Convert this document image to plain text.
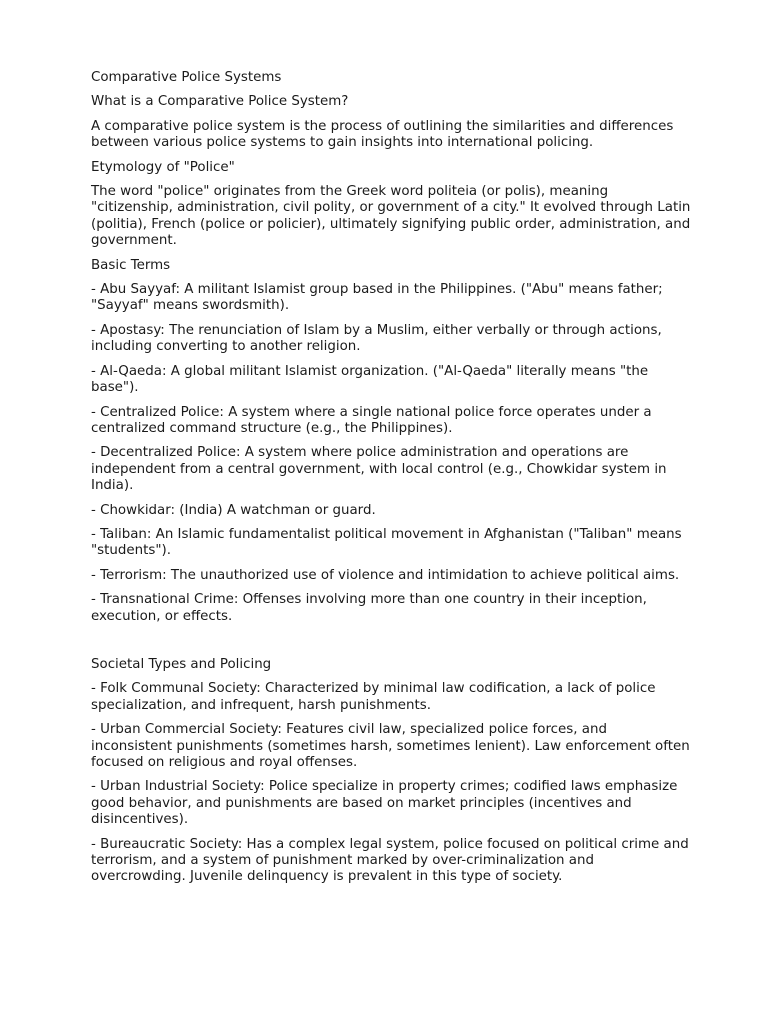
Comparative Police Systems

What is a Comparative Police System?

A comparative police system is the process of outlining the similarities and differences between various police systems to gain insights into international policing.

Etymology of "Police"

The word "police" originates from the Greek word politeia (or polis), meaning "citizenship, administration, civil polity, or government of a city." It evolved through Latin (politia), French (police or policier), ultimately signifying public order, administration, and government.

Basic Terms

- Abu Sayyaf: A militant Islamist group based in the Philippines. ("Abu" means father; "Sayyaf" means swordsmith).

- Apostasy: The renunciation of Islam by a Muslim, either verbally or through actions, including converting to another religion.

- Al-Qaeda: A global militant Islamist organization. ("Al-Qaeda" literally means "the base").

- Centralized Police: A system where a single national police force operates under a centralized command structure (e.g., the Philippines).

- Decentralized Police: A system where police administration and operations are independent from a central government, with local control (e.g., Chowkidar system in India).

- Chowkidar: (India) A watchman or guard.

- Taliban: An Islamic fundamentalist political movement in Afghanistan ("Taliban" means "students").

- Terrorism: The unauthorized use of violence and intimidation to achieve political aims.

- Transnational Crime: Offenses involving more than one country in their inception, execution, or effects.

Societal Types and Policing

- Folk Communal Society: Characterized by minimal law codification, a lack of police specialization, and infrequent, harsh punishments.

- Urban Commercial Society: Features civil law, specialized police forces, and inconsistent punishments (sometimes harsh, sometimes lenient). Law enforcement often focused on religious and royal offenses.

- Urban Industrial Society: Police specialize in property crimes; codified laws emphasize good behavior, and punishments are based on market principles (incentives and disincentives).

- Bureaucratic Society: Has a complex legal system, police focused on political crime and terrorism, and a system of punishment marked by over-criminalization and overcrowding. Juvenile delinquency is prevalent in this type of society.
